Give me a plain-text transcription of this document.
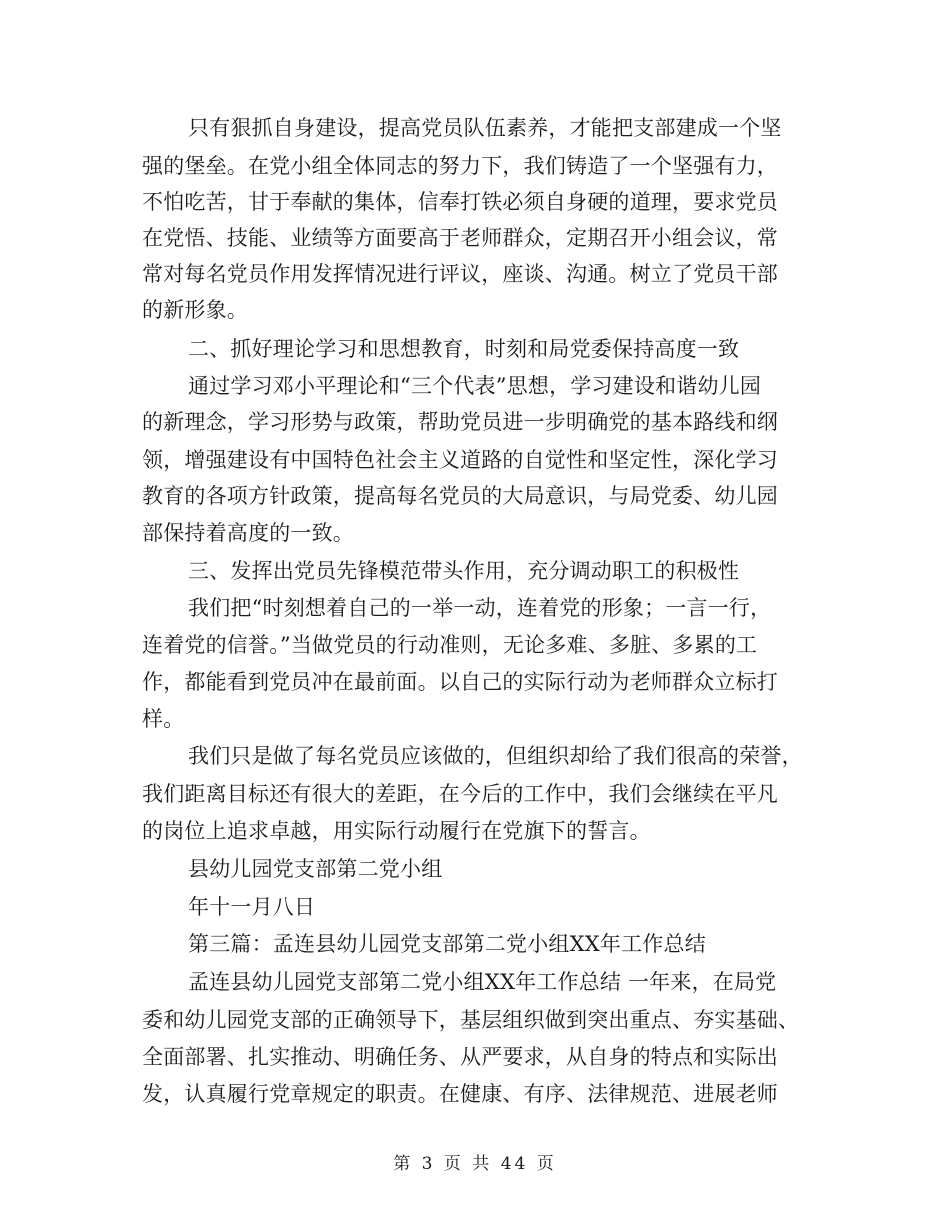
只有狠抓自身建设，提高党员队伍素养，才能把支部建成一个坚
强的堡垒。在党小组全体同志的努力下，我们铸造了一个坚强有力，
不怕吃苦，甘于奉献的集体，信奉打铁必须自身硬的道理，要求党员
在党悟、技能、业绩等方面要高于老师群众，定期召开小组会议，常
常对每名党员作用发挥情况进行评议，座谈、沟通。树立了党员干部
的新形象。
二、抓好理论学习和思想教育，时刻和局党委保持高度一致
通过学习邓小平理论和“三个代表”思想，学习建设和谐幼儿园
的新理念，学习形势与政策，帮助党员进一步明确党的基本路线和纲
领，增强建设有中国特色社会主义道路的自觉性和坚定性，深化学习
教育的各项方针政策，提高每名党员的大局意识，与局党委、幼儿园
部保持着高度的一致。
三、发挥出党员先锋模范带头作用，充分调动职工的积极性
我们把“时刻想着自己的一举一动，连着党的形象；一言一行，
连着党的信誉。”当做党员的行动准则，无论多难、多脏、多累的工
作，都能看到党员冲在最前面。以自己的实际行动为老师群众立标打
样。
我们只是做了每名党员应该做的，但组织却给了我们很高的荣誉，
我们距离目标还有很大的差距，在今后的工作中，我们会继续在平凡
的岗位上追求卓越，用实际行动履行在党旗下的誓言。
县幼儿园党支部第二党小组
年十一月八日
第三篇：孟连县幼儿园党支部第二党小组XX年工作总结
孟连县幼儿园党支部第二党小组XX年工作总结 一年来，在局党
委和幼儿园党支部的正确领导下，基层组织做到突出重点、夯实基础、
全面部署、扎实推动、明确任务、从严要求，从自身的特点和实际出
发，认真履行党章规定的职责。在健康、有序、法律规范、进展老师
第 3 页 共 44 页
